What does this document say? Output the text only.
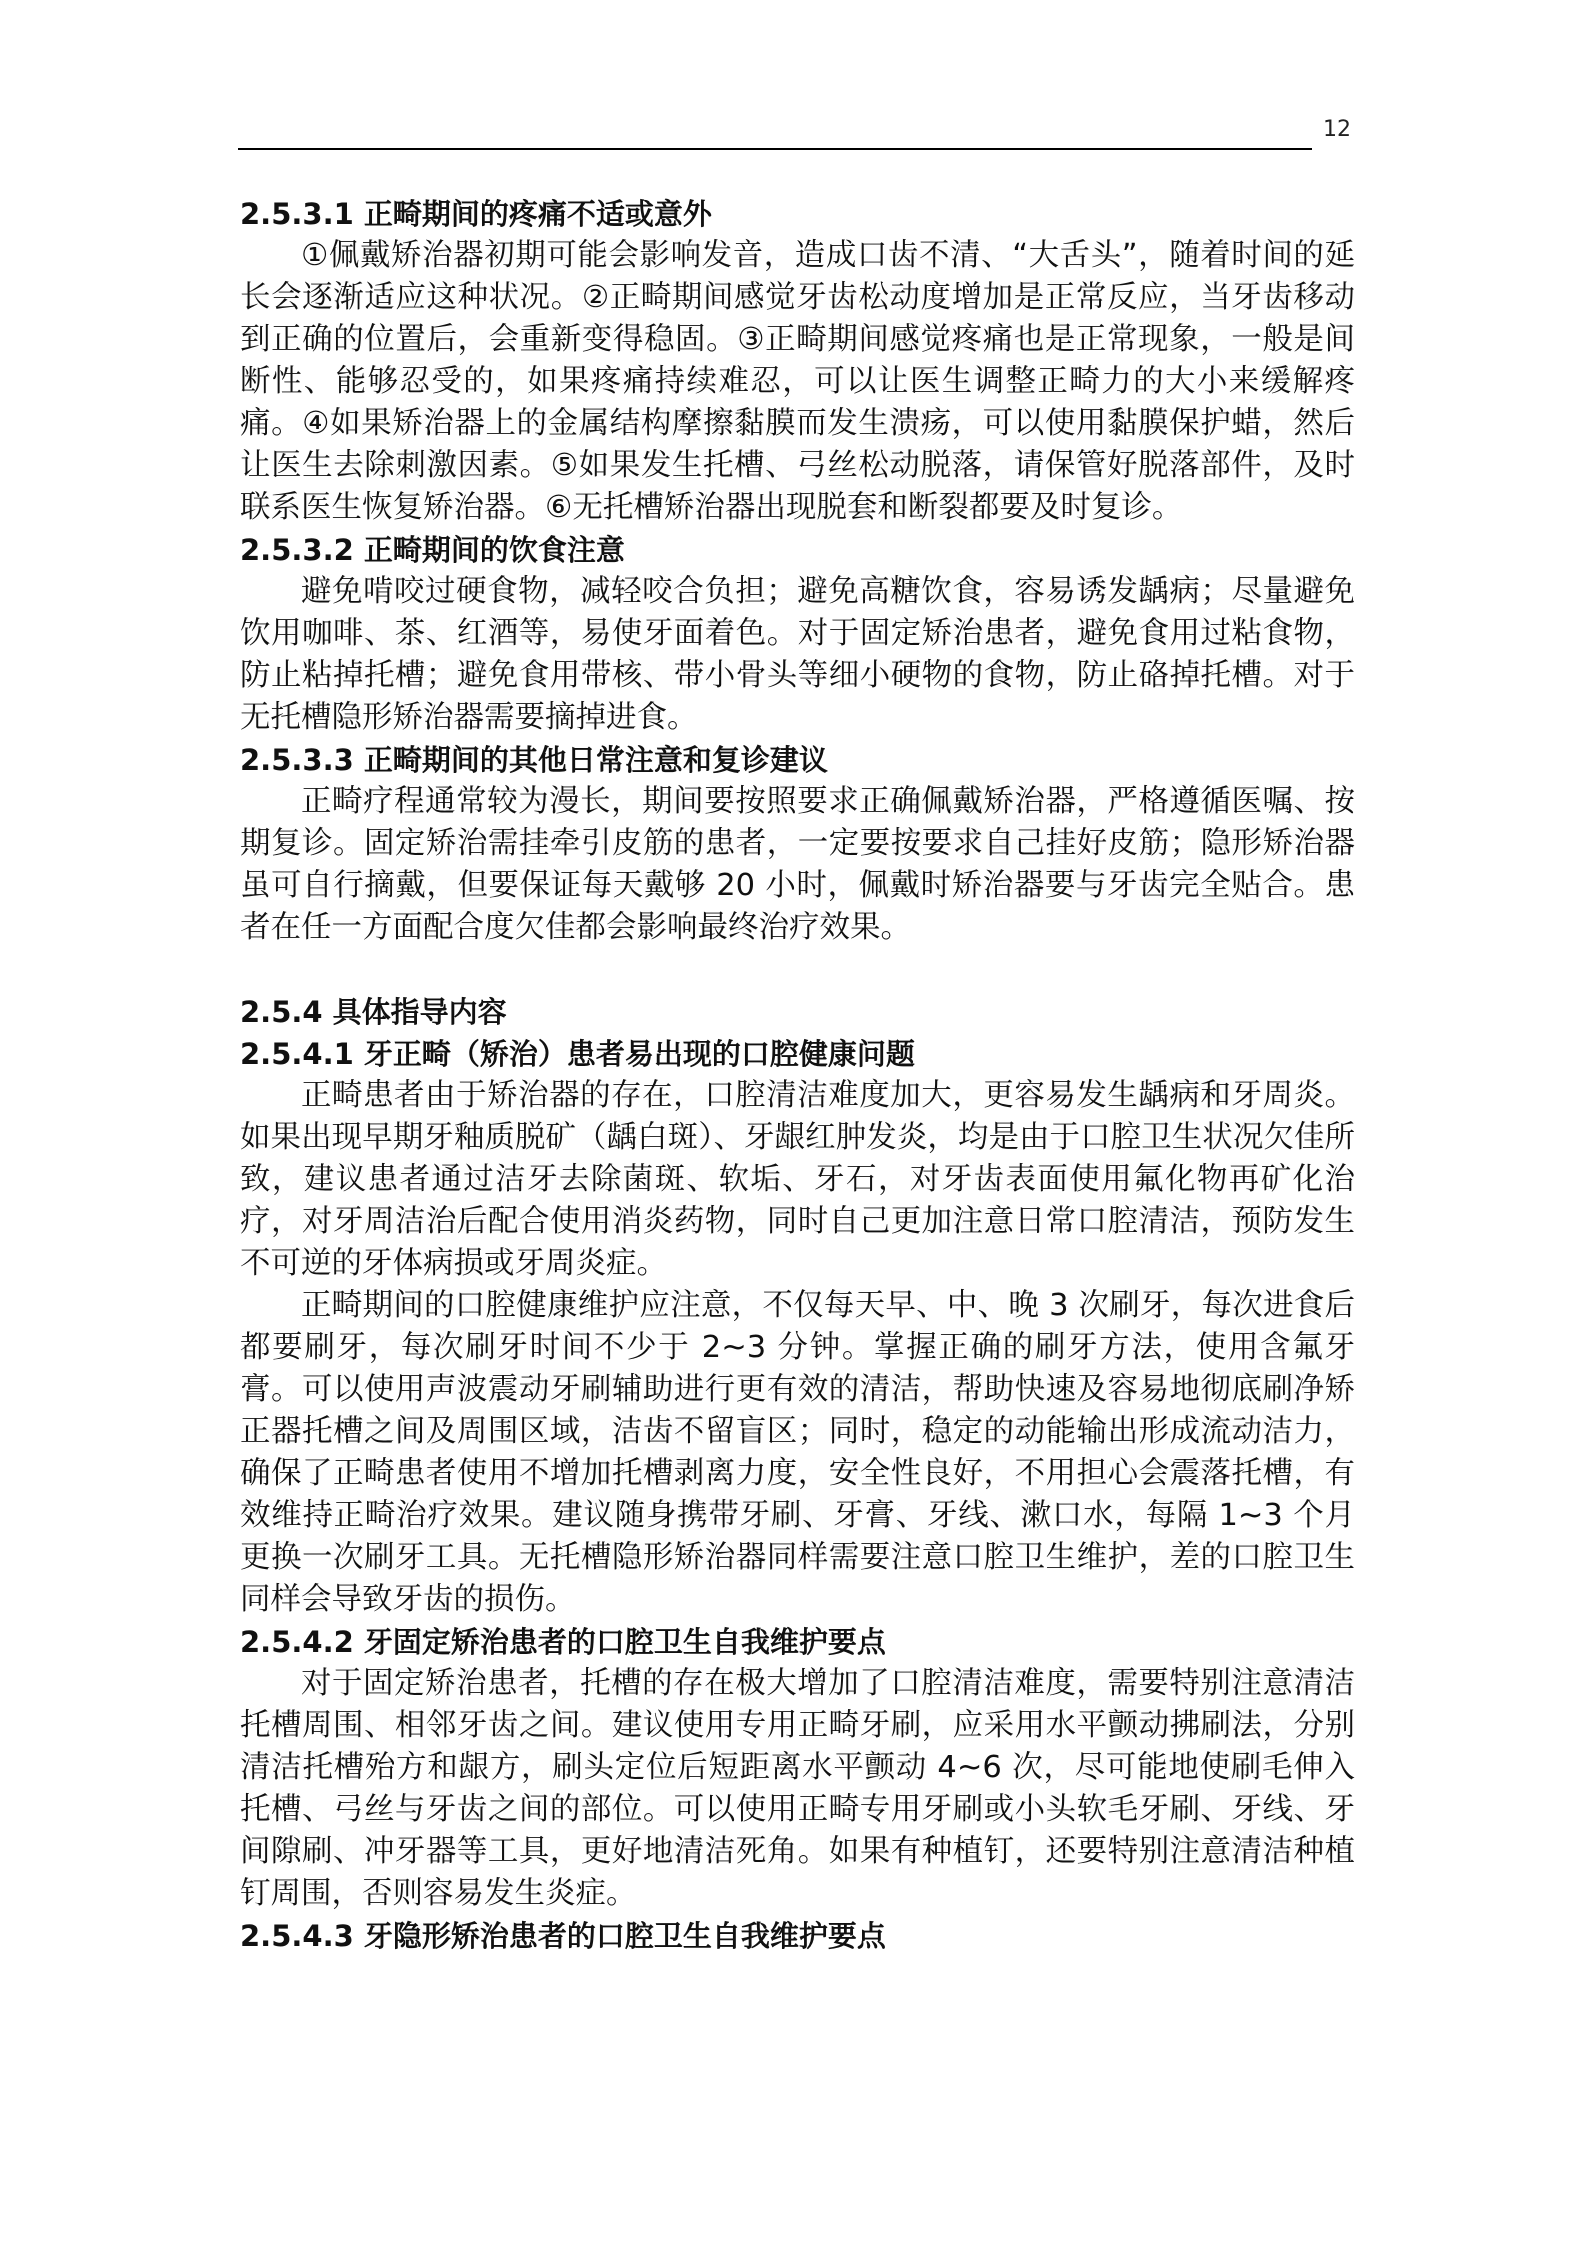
12
2.5.3.1 正畸期间的疼痛不适或意外

①佩戴矫治器初期可能会影响发音，造成口齿不清、“大舌头”，随着时间的延长会逐渐适应这种状况。②正畸期间感觉牙齿松动度增加是正常反应，当牙齿移动到正确的位置后，会重新变得稳固。③正畸期间感觉疼痛也是正常现象，一般是间断性、能够忍受的，如果疼痛持续难忍，可以让医生调整正畸力的大小来缓解疼痛。④如果矫治器上的金属结构摩擦黏膜而发生溃疡，可以使用黏膜保护蜡，然后让医生去除刺激因素。⑤如果发生托槽、弓丝松动脱落，请保管好脱落部件，及时联系医生恢复矫治器。⑥无托槽矫治器出现脱套和断裂都要及时复诊。

2.5.3.2 正畸期间的饮食注意

避免啃咬过硬食物，减轻咬合负担；避免高糖饮食，容易诱发龋病；尽量避免饮用咖啡、茶、红酒等，易使牙面着色。对于固定矫治患者，避免食用过粘食物，防止粘掉托槽；避免食用带核、带小骨头等细小硬物的食物，防止硌掉托槽。对于无托槽隐形矫治器需要摘掉进食。

2.5.3.3 正畸期间的其他日常注意和复诊建议

正畸疗程通常较为漫长，期间要按照要求正确佩戴矫治器，严格遵循医嘱、按期复诊。固定矫治需挂牵引皮筋的患者，一定要按要求自己挂好皮筋；隐形矫治器虽可自行摘戴，但要保证每天戴够 20 小时，佩戴时矫治器要与牙齿完全贴合。患者在任一方面配合度欠佳都会影响最终治疗效果。

2.5.4 具体指导内容
2.5.4.1 牙正畸（矫治）患者易出现的口腔健康问题

正畸患者由于矫治器的存在，口腔清洁难度加大，更容易发生龋病和牙周炎。如果出现早期牙釉质脱矿（龋白斑）、牙龈红肿发炎，均是由于口腔卫生状况欠佳所致，建议患者通过洁牙去除菌斑、软垢、牙石，对牙齿表面使用氟化物再矿化治疗，对牙周洁治后配合使用消炎药物，同时自己更加注意日常口腔清洁，预防发生不可逆的牙体病损或牙周炎症。

正畸期间的口腔健康维护应注意，不仅每天早、中、晚 3 次刷牙，每次进食后都要刷牙，每次刷牙时间不少于 2~3 分钟。掌握正确的刷牙方法，使用含氟牙膏。可以使用声波震动牙刷辅助进行更有效的清洁，帮助快速及容易地彻底刷净矫正器托槽之间及周围区域，洁齿不留盲区；同时，稳定的动能输出形成流动洁力，确保了正畸患者使用不增加托槽剥离力度，安全性良好，不用担心会震落托槽，有效维持正畸治疗效果。建议随身携带牙刷、牙膏、牙线、漱口水，每隔 1~3 个月更换一次刷牙工具。无托槽隐形矫治器同样需要注意口腔卫生维护，差的口腔卫生同样会导致牙齿的损伤。

2.5.4.2 牙固定矫治患者的口腔卫生自我维护要点

对于固定矫治患者，托槽的存在极大增加了口腔清洁难度，需要特别注意清洁托槽周围、相邻牙齿之间。建议使用专用正畸牙刷，应采用水平颤动拂刷法，分别清洁托槽殆方和龈方，刷头定位后短距离水平颤动 4~6 次，尽可能地使刷毛伸入托槽、弓丝与牙齿之间的部位。可以使用正畸专用牙刷或小头软毛牙刷、牙线、牙间隙刷、冲牙器等工具，更好地清洁死角。如果有种植钉，还要特别注意清洁种植钉周围，否则容易发生炎症。

2.5.4.3 牙隐形矫治患者的口腔卫生自我维护要点
